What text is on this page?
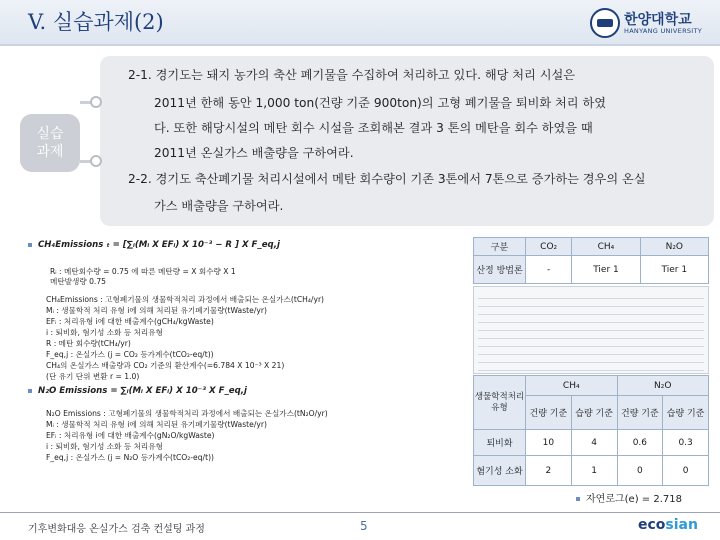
V. 실습과제(2)	한양대학교
HANYANG UNIVERSITY
실습
과제
2-1. 경기도는 돼지 농가의 축산 폐기물을 수집하여 처리하고 있다. 해당 처리 시설은
2011년 한해 동안 1,000 ton(건량 기준 900ton)의 고형 폐기물을 퇴비화 처리 하였
다. 또한 해당시설의 메탄 회수 시설을 조회해본 결과 3 톤의 메탄을 회수 하였을 때
2011년 온실가스 배출량을 구하여라.
2-2. 경기도 축산폐기물 처리시설에서 메탄 회수량이 기존 3톤에서 7톤으로 증가하는 경우의 온실
가스 배출량을 구하여라.
CH₄Emissions ₜ = [∑ᵢ(Mᵢ X EFᵢ) X 10⁻³ − R ] X F_eq,j
Rᵢ : 메탄회수량 = 0.75 에 따른 메탄량 = X 회수량 X 1
메탄발생량 0.75
CH₄Emissions : 고형폐기물의 생물학적처리 과정에서 배출되는 온실가스(tCH₄/yr)
Mᵢ : 생물학적 처리 유형 i에 의해 처리된 유기폐기물량(tWaste/yr)
EFᵢ : 처리유형 i에 대한 배출계수(gCH₄/kgWaste)
i : 퇴비화, 혐기성 소화 등 처리유형
R : 메탄 회수량(tCH₄/yr)
F_eq,j : 온실가스 (j = CO₂ 등가계수(tCO₂-eq/t))
CH₄의 온실가스 배출량과 CO₂ 기준의 환산계수(=6.784 X 10⁻³ X 21)
(단 유기 단위 변환 r = 1.0)
N₂O Emissions = ∑ᵢ(Mᵢ X EFᵢ) X 10⁻³ X F_eq,j
N₂O Emissions : 고형폐기물의 생물학적처리 과정에서 배출되는 온실가스(tN₂O/yr)
Mᵢ : 생물학적 처리 유형 i에 의해 처리된 유기폐기물량(tWaste/yr)
EFᵢ : 처리유형 i에 대한 배출계수(gN₂O/kgWaste)
i : 퇴비화, 혐기성 소화 등 처리유형
F_eq,j : 온실가스 (j = N₂O 등가계수(tCO₂-eq/t))
구분	CO₂	CH₄	N₂O
산정 방법론	-	Tier 1	Tier 1
생물학적처리 유형	CH₄		N₂O	
	건량 기준	습량 기준	건량 기준	습량 기준
퇴비화	10	4	0.6	0.3
혐기성 소화	2	1	0	0
자연로그(e) = 2.718
기후변화대응 온실가스 검축 컨설팅 과정	5	ecosian
